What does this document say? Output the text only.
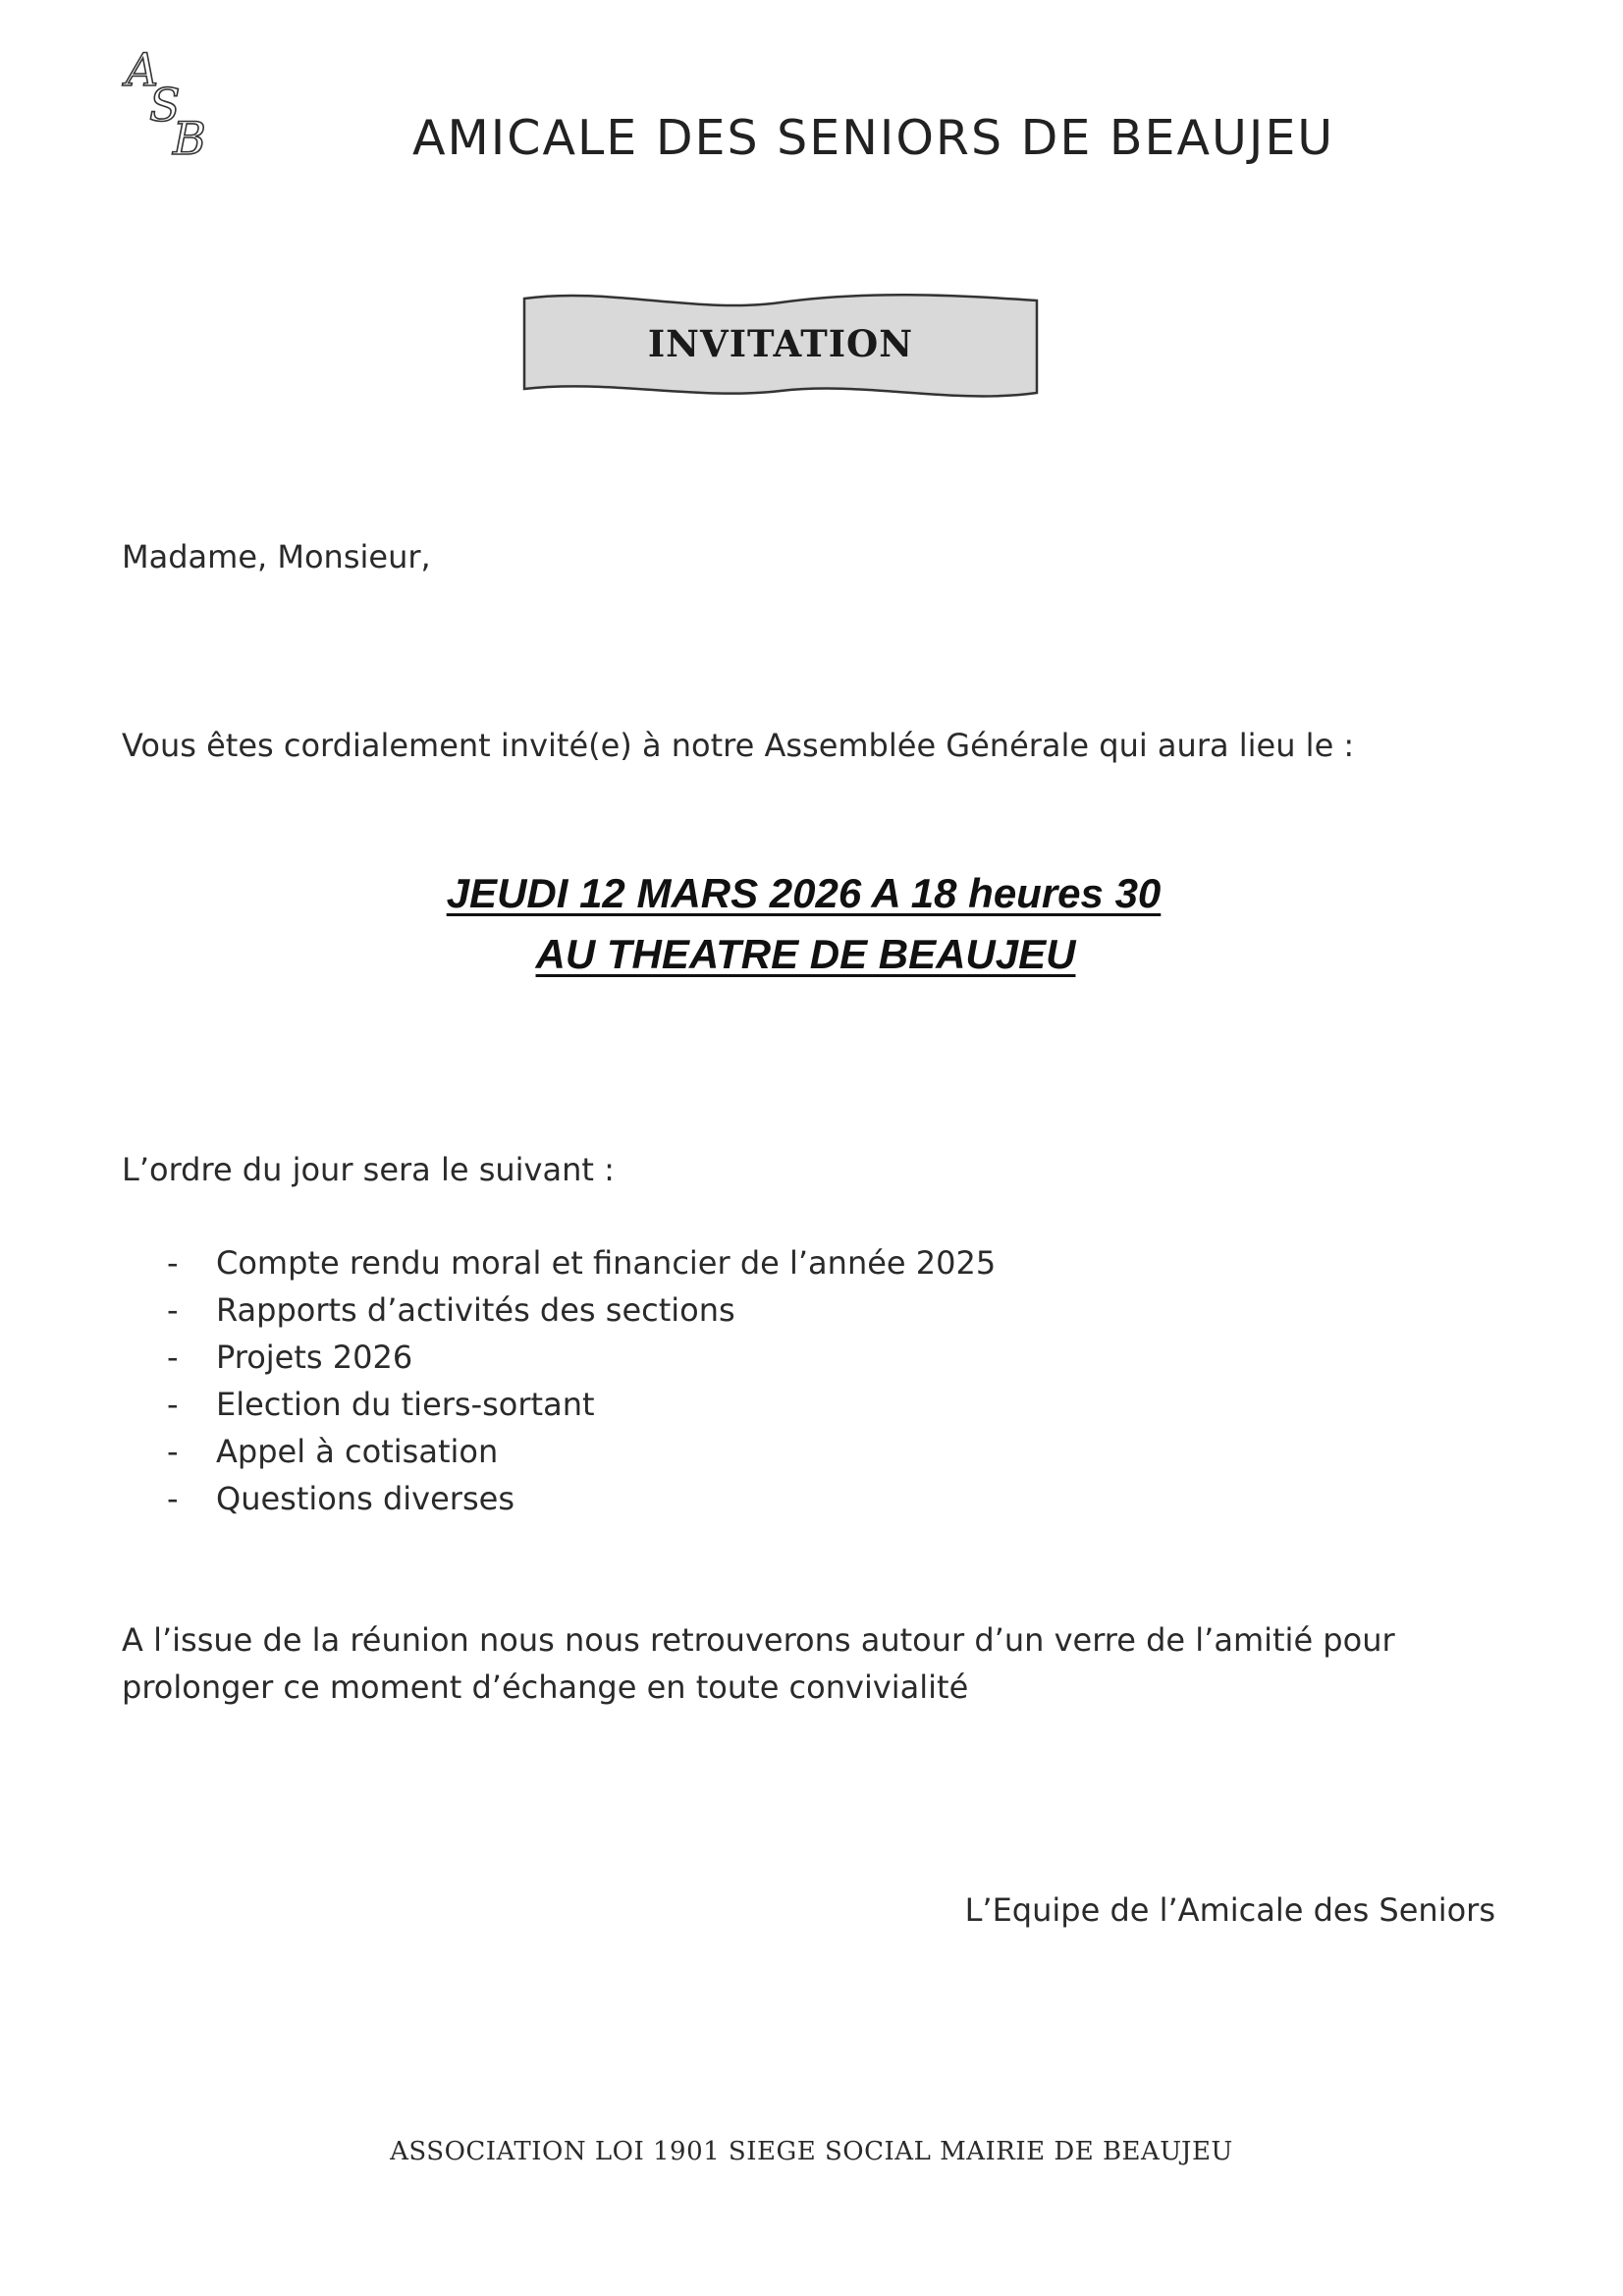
A
S
B	AMICALE DES SENIORS DE BEAUJEU
INVITATION
Madame, Monsieur,
Vous êtes cordialement invité(e) à notre Assemblée Générale qui aura lieu le :
JEUDI 12 MARS 2026 A 18 heures 30
AU THEATRE DE BEAUJEU
L’ordre du jour sera le suivant :
- Compte rendu moral et financier de l’année 2025
- Rapports d’activités des sections
- Projets 2026
- Election du tiers-sortant
- Appel à cotisation
- Questions diverses
A l’issue de la réunion nous nous retrouverons autour d’un verre de l’amitié pour
prolonger ce moment d’échange en toute convivialité
L’Equipe de l’Amicale des Seniors
ASSOCIATION LOI 1901 SIEGE SOCIAL MAIRIE DE BEAUJEU
